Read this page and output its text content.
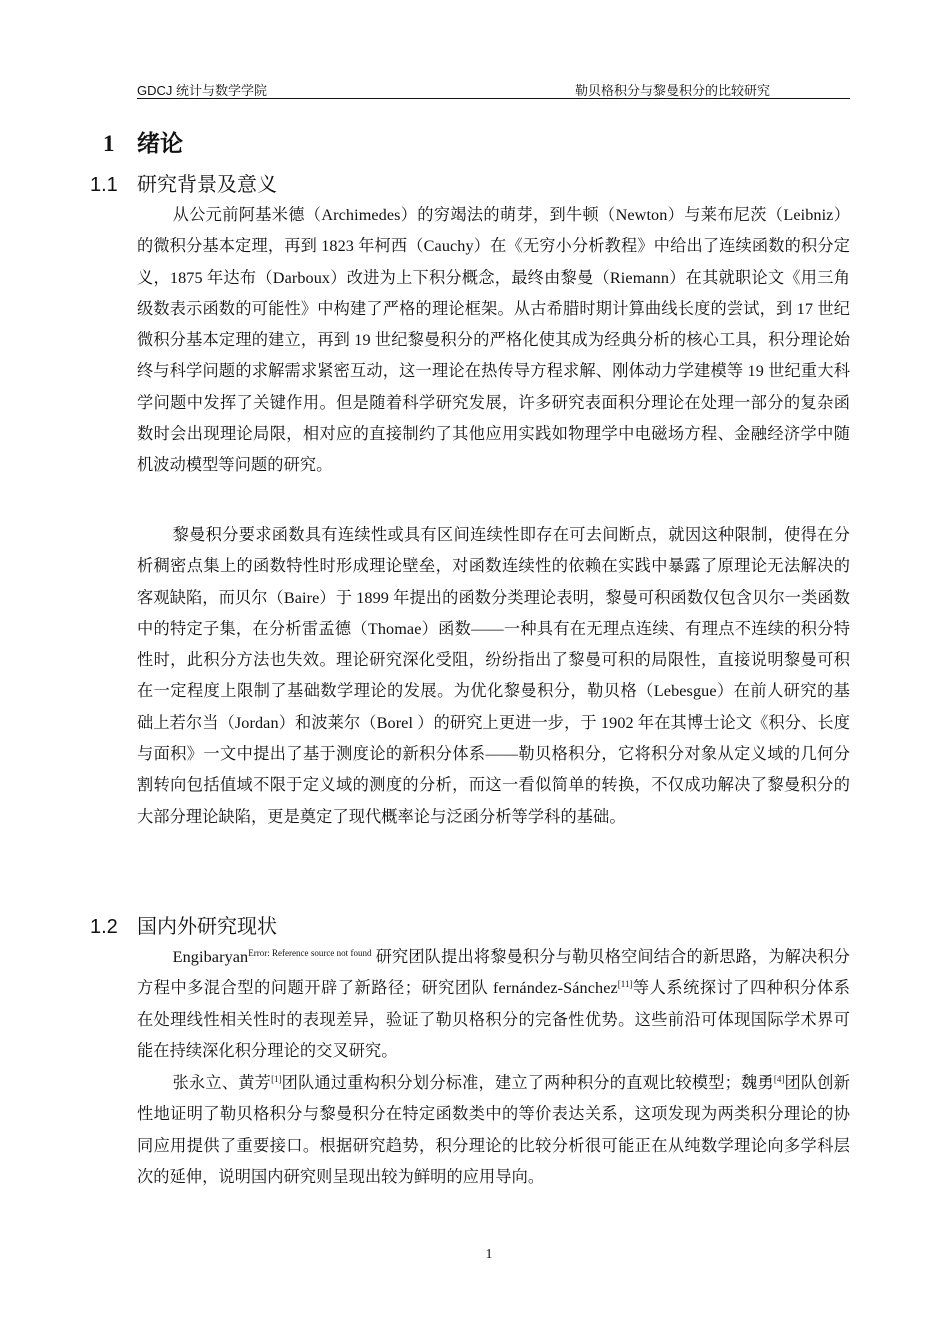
GDCJ 统计与数学学院	勒贝格积分与黎曼积分的比较研究
1 绪论
1.1 研究背景及意义

从公元前阿基米德（Archimedes）的穷竭法的萌芽，到牛顿（Newton）与莱布尼茨（Leibniz）的微积分基本定理，再到 1823 年柯西（Cauchy）在《无穷小分析教程》中给出了连续函数的积分定义，1875 年达布（Darboux）改进为上下积分概念，最终由黎曼（Riemann）在其就职论文《用三角级数表示函数的可能性》中构建了严格的理论框架。从古希腊时期计算曲线长度的尝试，到 17 世纪微积分基本定理的建立，再到 19 世纪黎曼积分的严格化使其成为经典分析的核心工具，积分理论始终与科学问题的求解需求紧密互动，这一理论在热传导方程求解、刚体动力学建模等 19 世纪重大科学问题中发挥了关键作用。但是随着科学研究发展，许多研究表面积分理论在处理一部分的复杂函数时会出现理论局限，相对应的直接制约了其他应用实践如物理学中电磁场方程、金融经济学中随机波动模型等问题的研究。

黎曼积分要求函数具有连续性或具有区间连续性即存在可去间断点，就因这种限制，使得在分析稠密点集上的函数特性时形成理论壁垒，对函数连续性的依赖在实践中暴露了原理论无法解决的客观缺陷，而贝尔（Baire）于 1899 年提出的函数分类理论表明，黎曼可积函数仅包含贝尔一类函数中的特定子集，在分析雷孟德（Thomae）函数——一种具有在无理点连续、有理点不连续的积分特性时，此积分方法也失效。理论研究深化受阻，纷纷指出了黎曼可积的局限性，直接说明黎曼可积在一定程度上限制了基础数学理论的发展。为优化黎曼积分，勒贝格（Lebesgue）在前人研究的基础上若尔当（Jordan）和波莱尔（Borel ）的研究上更进一步，于 1902 年在其博士论文《积分、长度与面积》一文中提出了基于测度论的新积分体系——勒贝格积分，它将积分对象从定义域的几何分割转向包括值域不限于定义域的测度的分析，而这一看似简单的转换，不仅成功解决了黎曼积分的大部分理论缺陷，更是奠定了现代概率论与泛函分析等学科的基础。

1.2 国内外研究现状

Engibaryan$^{Error: Reference source not found}$ 研究团队提出将黎曼积分与勒贝格空间结合的新思路，为解决积分方程中多混合型的问题开辟了新路径；研究团队 fernández-Sánchez[11]等人系统探讨了四种积分体系在处理线性相关性时的表现差异，验证了勒贝格积分的完备性优势。这些前沿可体现国际学术界可能在持续深化积分理论的交叉研究。

张永立、黄芳[1]团队通过重构积分划分标准，建立了两种积分的直观比较模型；魏勇[4]团队创新性地证明了勒贝格积分与黎曼积分在特定函数类中的等价表达关系，这项发现为两类积分理论的协同应用提供了重要接口。根据研究趋势，积分理论的比较分析很可能正在从纯数学理论向多学科层次的延伸，说明国内研究则呈现出较为鲜明的应用导向。

1
